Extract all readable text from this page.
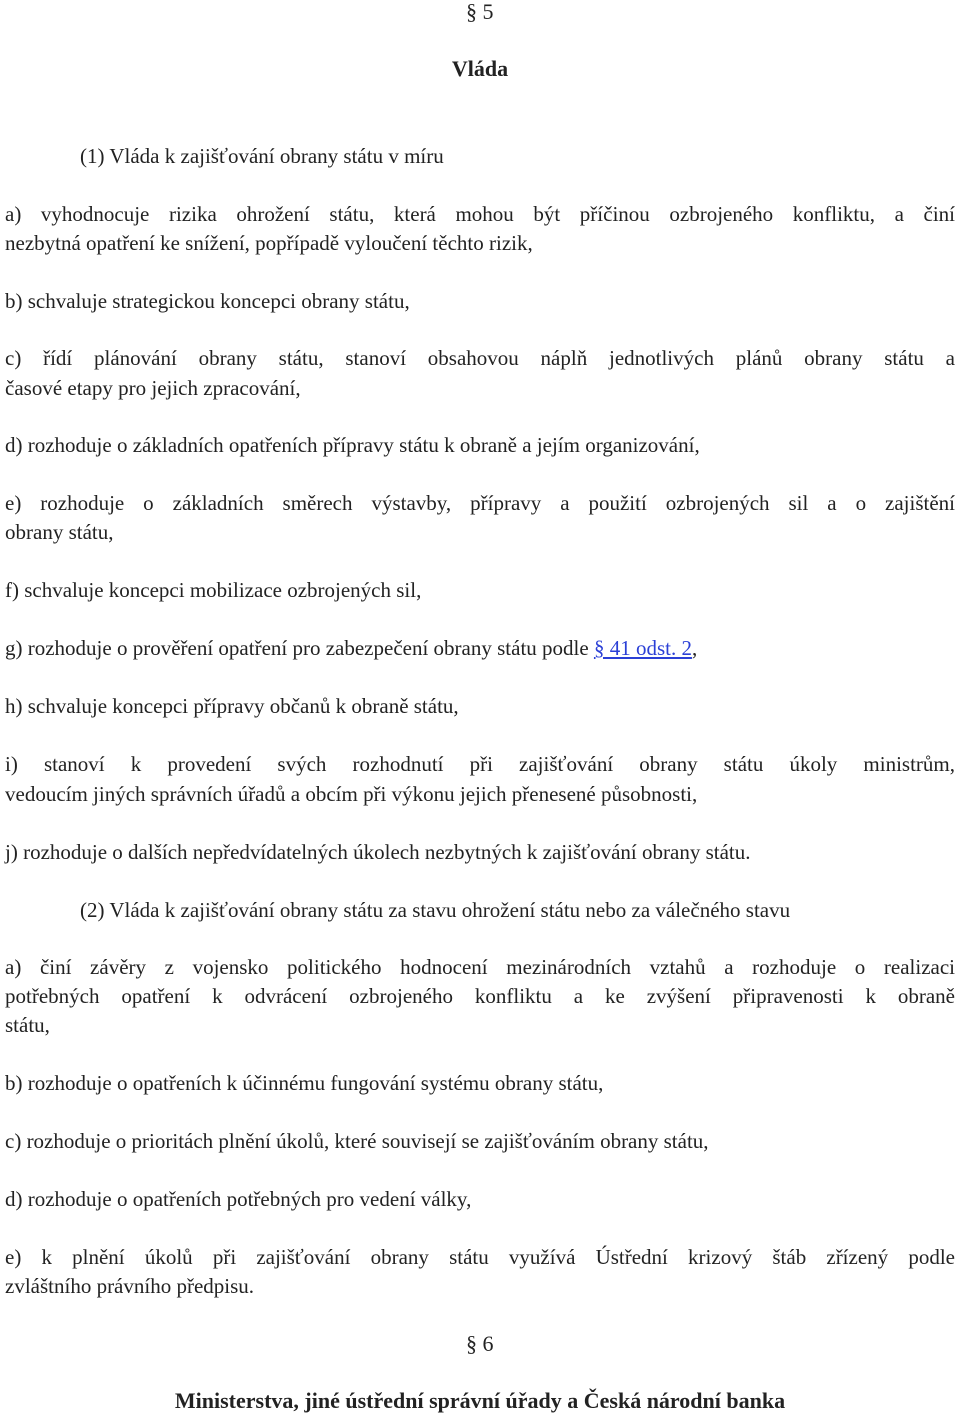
§ 5
Vláda
(1) Vláda k zajišťování obrany státu v míru
a) vyhodnocuje rizika ohrožení státu, která mohou být příčinou ozbrojeného konfliktu, a činí
nezbytná opatření ke snížení, popřípadě vyloučení těchto rizik,
b) schvaluje strategickou koncepci obrany státu,
c) řídí plánování obrany státu, stanoví obsahovou náplň jednotlivých plánů obrany státu a
časové etapy pro jejich zpracování,
d) rozhoduje o základních opatřeních přípravy státu k obraně a jejím organizování,
e) rozhoduje o základních směrech výstavby, přípravy a použití ozbrojených sil a o zajištění
obrany státu,
f) schvaluje koncepci mobilizace ozbrojených sil,
g) rozhoduje o prověření opatření pro zabezpečení obrany státu podle § 41 odst. 2,
h) schvaluje koncepci přípravy občanů k obraně státu,
i) stanoví k provedení svých rozhodnutí při zajišťování obrany státu úkoly ministrům,
vedoucím jiných správních úřadů a obcím při výkonu jejich přenesené působnosti,
j) rozhoduje o dalších nepředvídatelných úkolech nezbytných k zajišťování obrany státu.
(2) Vláda k zajišťování obrany státu za stavu ohrožení státu nebo za válečného stavu
a) činí závěry z vojensko politického hodnocení mezinárodních vztahů a rozhoduje o realizaci
potřebných opatření k odvrácení ozbrojeného konfliktu a ke zvýšení připravenosti k obraně
státu,
b) rozhoduje o opatřeních k účinnému fungování systému obrany státu,
c) rozhoduje o prioritách plnění úkolů, které souvisejí se zajišťováním obrany státu,
d) rozhoduje o opatřeních potřebných pro vedení války,
e) k plnění úkolů při zajišťování obrany státu využívá Ústřední krizový štáb zřízený podle
zvláštního právního předpisu.
§ 6
Ministerstva, jiné ústřední správní úřady a Česká národní banka
